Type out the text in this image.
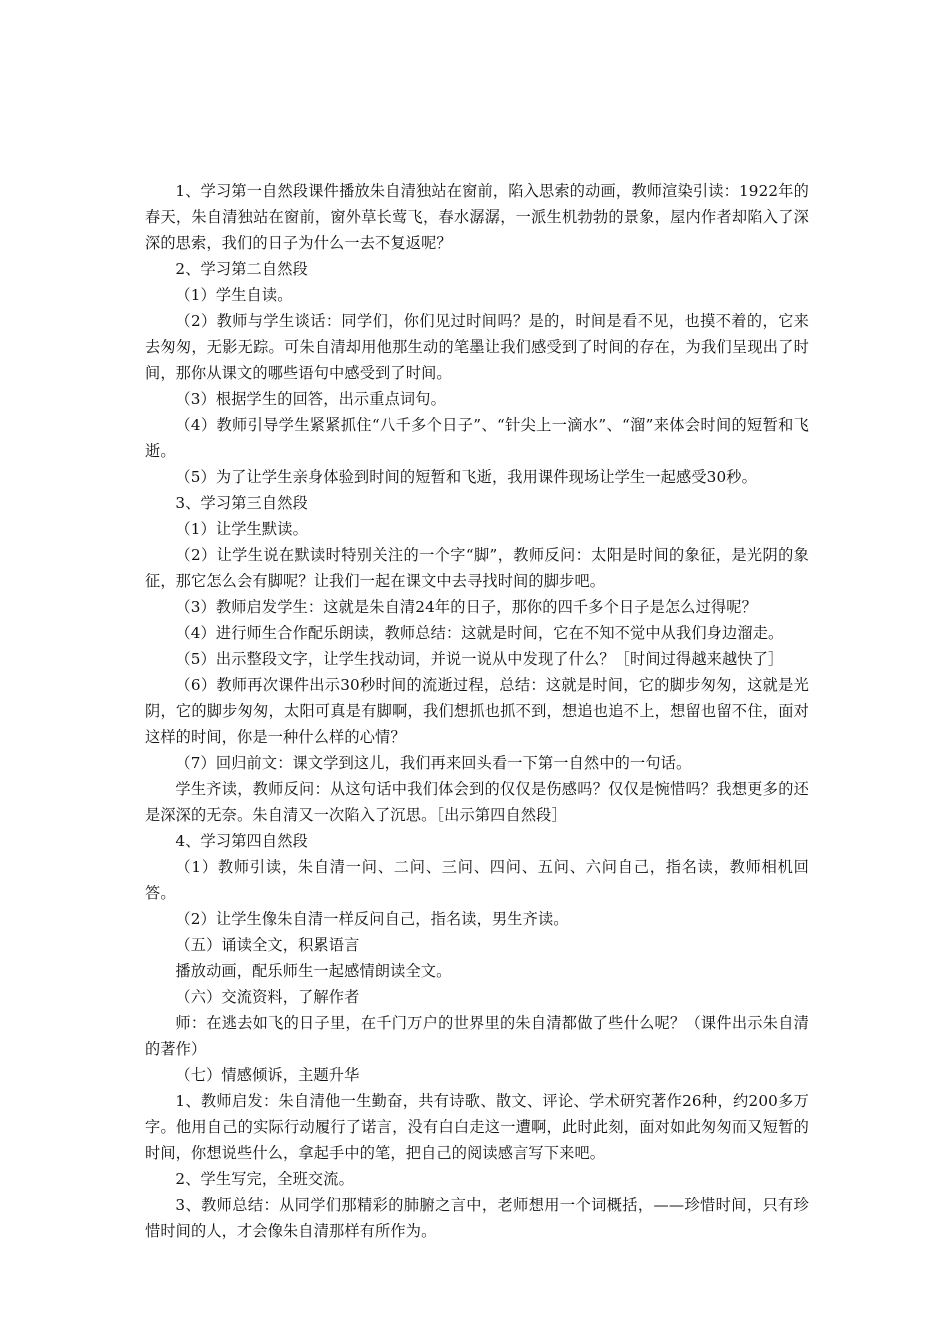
1、学习第一自然段课件播放朱自清独站在窗前，陷入思索的动画，教师渲染引读：1922年的春天，朱自清独站在窗前，窗外草长莺飞，春水潺潺，一派生机勃勃的景象，屋内作者却陷入了深深的思索，我们的日子为什么一去不复返呢？

2、学习第二自然段

（1）学生自读。

（2）教师与学生谈话：同学们，你们见过时间吗？是的，时间是看不见，也摸不着的，它来去匆匆，无影无踪。可朱自清却用他那生动的笔墨让我们感受到了时间的存在，为我们呈现出了时间，那你从课文的哪些语句中感受到了时间。

（3）根据学生的回答，出示重点词句。

（4）教师引导学生紧紧抓住“八千多个日子”、“针尖上一滴水”、“溜”来体会时间的短暂和飞逝。

（5）为了让学生亲身体验到时间的短暂和飞逝，我用课件现场让学生一起感受30秒。

3、学习第三自然段

（1）让学生默读。

（2）让学生说在默读时特别关注的一个字“脚”，教师反问：太阳是时间的象征，是光阴的象征，那它怎么会有脚呢？让我们一起在课文中去寻找时间的脚步吧。

（3）教师启发学生：这就是朱自清24年的日子，那你的四千多个日子是怎么过得呢？

（4）进行师生合作配乐朗读，教师总结：这就是时间，它在不知不觉中从我们身边溜走。

（5）出示整段文字，让学生找动词，并说一说从中发现了什么？［时间过得越来越快了］

（6）教师再次课件出示30秒时间的流逝过程，总结：这就是时间，它的脚步匆匆，这就是光阴，它的脚步匆匆，太阳可真是有脚啊，我们想抓也抓不到，想追也追不上，想留也留不住，面对这样的时间，你是一种什么样的心情？

（7）回归前文：课文学到这儿，我们再来回头看一下第一自然中的一句话。

学生齐读，教师反问：从这句话中我们体会到的仅仅是伤感吗？仅仅是惋惜吗？我想更多的还是深深的无奈。朱自清又一次陷入了沉思。［出示第四自然段］

4、学习第四自然段

（1）教师引读，朱自清一问、二问、三问、四问、五问、六问自己，指名读，教师相机回答。

（2）让学生像朱自清一样反问自己，指名读，男生齐读。

（五）诵读全文，积累语言

播放动画，配乐师生一起感情朗读全文。

（六）交流资料，了解作者

师：在逃去如飞的日子里，在千门万户的世界里的朱自清都做了些什么呢？（课件出示朱自清的著作）

（七）情感倾诉，主题升华

1、教师启发：朱自清他一生勤奋，共有诗歌、散文、评论、学术研究著作26种，约200多万字。他用自己的实际行动履行了诺言，没有白白走这一遭啊，此时此刻，面对如此匆匆而又短暂的时间，你想说些什么，拿起手中的笔，把自己的阅读感言写下来吧。

2、学生写完，全班交流。

3、教师总结：从同学们那精彩的肺腑之言中，老师想用一个词概括，——珍惜时间，只有珍惜时间的人，才会像朱自清那样有所作为。
